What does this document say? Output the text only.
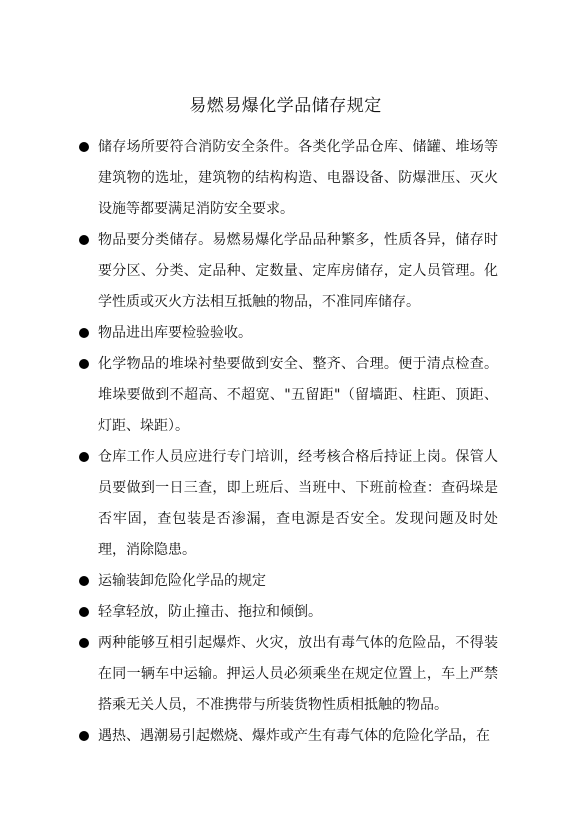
易燃易爆化学品储存规定
储存场所要符合消防安全条件。各类化学品仓库、储罐、堆场等建筑物的选址，建筑物的结构构造、电器设备、防爆泄压、灭火设施等都要满足消防安全要求。
物品要分类储存。易燃易爆化学品品种繁多，性质各异，储存时要分区、分类、定品种、定数量、定库房储存，定人员管理。化学性质或灭火方法相互抵触的物品，不准同库储存。
物品进出库要检验验收。
化学物品的堆垛衬垫要做到安全、整齐、合理。便于清点检查。堆垛要做到不超高、不超宽、"五留距"（留墙距、柱距、顶距、灯距、垛距）。
仓库工作人员应进行专门培训，经考核合格后持证上岗。保管人员要做到一日三查，即上班后、当班中、下班前检查：查码垛是否牢固，查包装是否渗漏，查电源是否安全。发现问题及时处理，消除隐患。
运输装卸危险化学品的规定
轻拿轻放，防止撞击、拖拉和倾倒。
两种能够互相引起爆炸、火灾，放出有毒气体的危险品，不得装在同一辆车中运输。押运人员必须乘坐在规定位置上，车上严禁搭乘无关人员，不准携带与所装货物性质相抵触的物品。
遇热、遇潮易引起燃烧、爆炸或产生有毒气体的危险化学品，在
